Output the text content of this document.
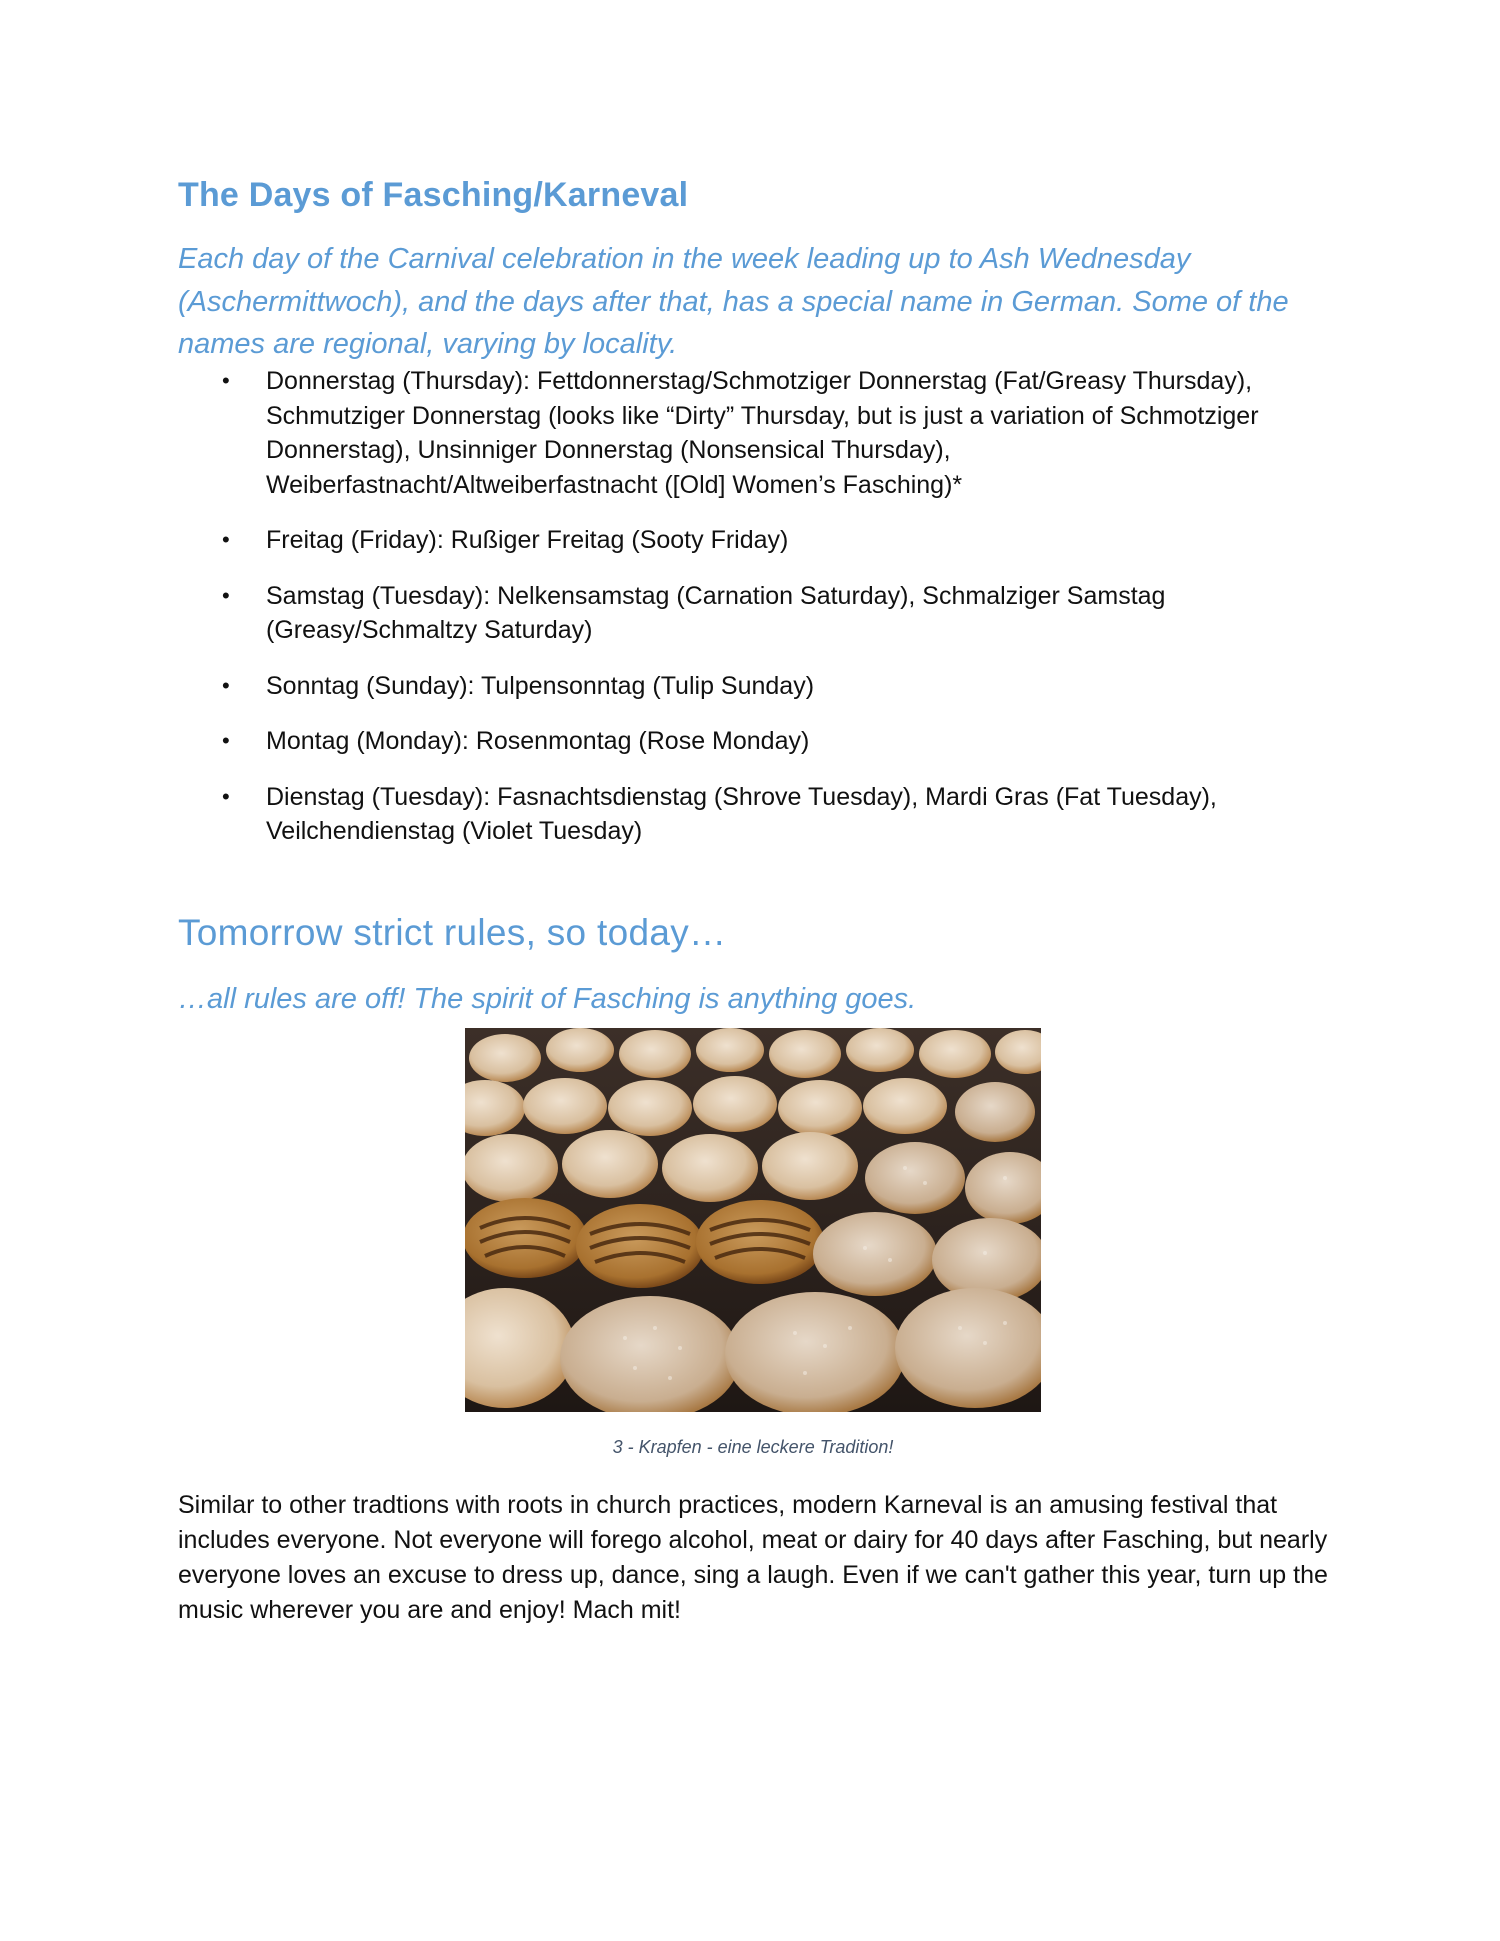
The Days of Fasching/Karneval

Each day of the Carnival celebration in the week leading up to Ash Wednesday (Aschermittwoch), and the days after that, has a special name in German. Some of the names are regional, varying by locality.

• Donnerstag (Thursday): Fettdonnerstag/Schmotziger Donnerstag (Fat/Greasy Thursday), Schmutziger Donnerstag (looks like “Dirty” Thursday, but is just a variation of Schmotziger Donnerstag), Unsinniger Donnerstag (Nonsensical Thursday), Weiberfastnacht/Altweiberfastnacht ([Old] Women’s Fasching)*
• Freitag (Friday): Rußiger Freitag (Sooty Friday)
• Samstag (Tuesday): Nelkensamstag (Carnation Saturday), Schmalziger Samstag (Greasy/Schmaltzy Saturday)
• Sonntag (Sunday): Tulpensonntag (Tulip Sunday)
• Montag (Monday): Rosenmontag (Rose Monday)
• Dienstag (Tuesday): Fasnachtsdienstag (Shrove Tuesday), Mardi Gras (Fat Tuesday), Veilchendienstag (Violet Tuesday)
Tomorrow strict rules, so today…

…all rules are off! The spirit of Fasching is anything goes.

3 - Krapfen - eine leckere Tradition!

Similar to other tradtions with roots in church practices, modern Karneval is an amusing festival that includes everyone. Not everyone will forego alcohol, meat or dairy for 40 days after Fasching, but nearly everyone loves an excuse to dress up, dance, sing a laugh. Even if we can't gather this year, turn up the music wherever you are and enjoy! Mach mit!
